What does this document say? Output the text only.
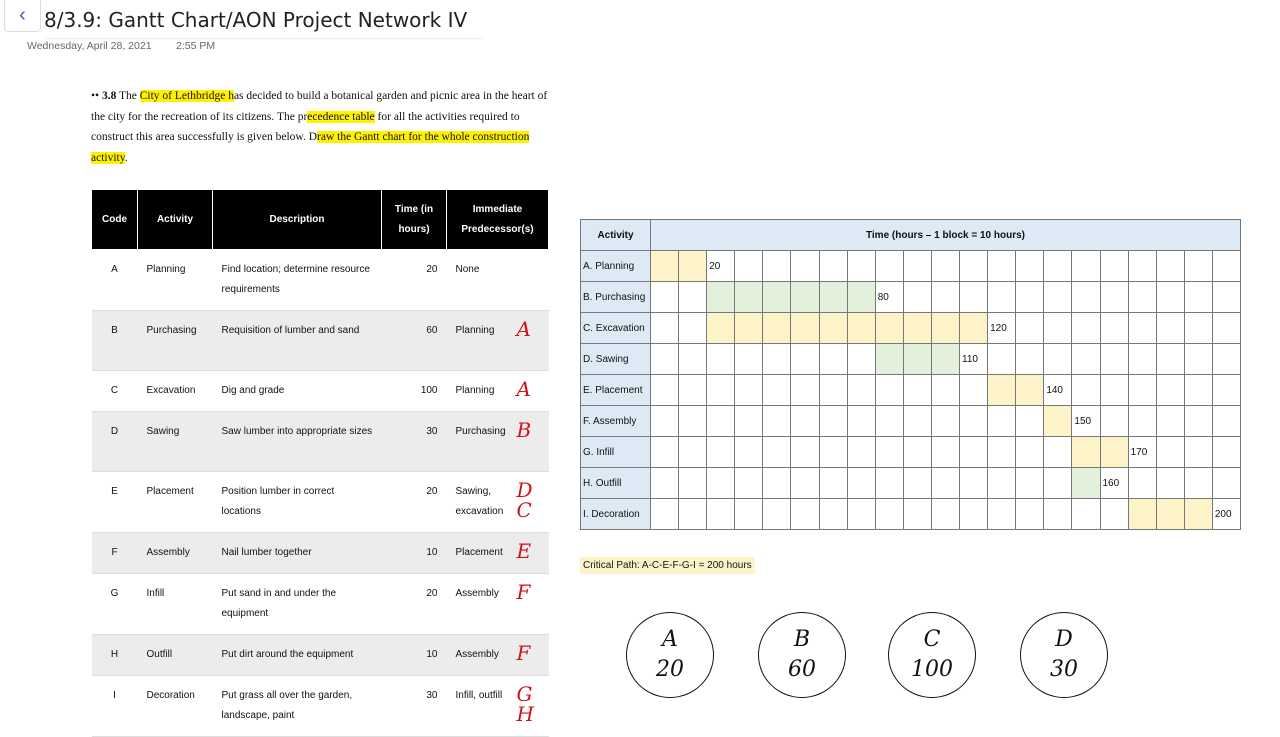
‹ 8/3.9: Gantt Chart/AON Project Network IV
Wednesday, April 28, 2021 2:55 PM
•• 3.8 The City of Lethbridge has decided to build a botanical garden and picnic area in the heart of the city for the recreation of its citizens. The precedence table for all the activities required to construct this area successfully is given below. Draw the Gantt chart for the whole construction activity.
Code	Activity	Description	Time (in hours)	Immediate Predecessor(s)
A	Planning	Find location; determine resource requirements	20	None

B	Purchasing	Requisition of lumber and sand	60	Planning A

C	Excavation	Dig and grade	100	Planning A

D	Sawing	Saw lumber into appropriate sizes	30	Purchasing B

E	Placement	Position lumber in correct locations	20	Sawing, excavation
D C

F	Assembly	Nail lumber together	10	Placement E

G	Infill	Put sand in and under the equipment	20	Assembly F

H	Outfill	Put dirt around the equipment	10	Assembly F

I	Decoration	Put grass all over the garden, landscape, paint	30	Infill, outfill G H
Activity	Time (hours – 1 block = 10 hours)																				
A. Planning			20																		
B. Purchasing									80												
C. Excavation													120								
D. Sawing												110									
E. Placement															140						
F. Assembly																150					
G. Infill																		170			
H. Outfill																	160				
I. Decoration																					200
Critical Path: A-C-E-F-G-I = 200 hours
A
20
B
60
C
100
D
30
